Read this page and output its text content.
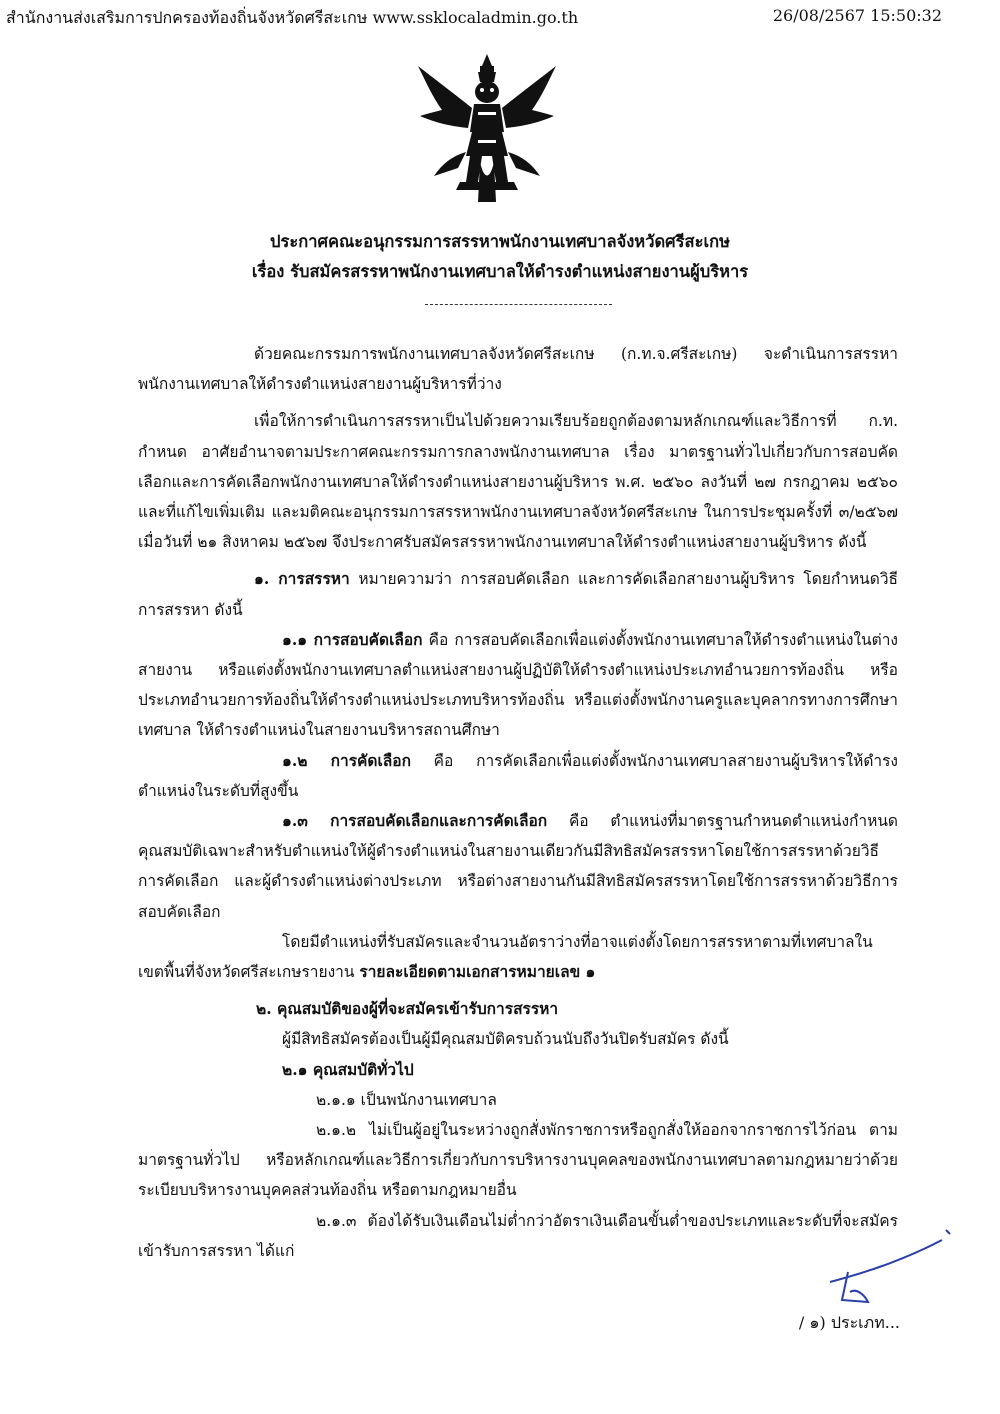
สำนักงานส่งเสริมการปกครองท้องถิ่นจังหวัดศรีสะเกษ www.ssklocaladmin.go.th	26/08/2567 15:50:32
ประกาศคณะอนุกรรมการสรรหาพนักงานเทศบาลจังหวัดศรีสะเกษ
เรื่อง รับสมัครสรรหาพนักงานเทศบาลให้ดำรงตำแหน่งสายงานผู้บริหาร

ด้วยคณะกรรมการพนักงานเทศบาลจังหวัดศรีสะเกษ (ก.ท.จ.ศรีสะเกษ) จะดำเนินการสรรหาพนักงานเทศบาลให้ดำรงตำแหน่งสายงานผู้บริหารที่ว่าง

เพื่อให้การดำเนินการสรรหาเป็นไปด้วยความเรียบร้อยถูกต้องตามหลักเกณฑ์และวิธีการที่ ก.ท. กำหนด อาศัยอำนาจตามประกาศคณะกรรมการกลางพนักงานเทศบาล เรื่อง มาตรฐานทั่วไปเกี่ยวกับการสอบคัดเลือกและการคัดเลือกพนักงานเทศบาลให้ดำรงตำแหน่งสายงานผู้บริหาร พ.ศ. ๒๕๖๐ ลงวันที่ ๒๗ กรกฎาคม ๒๕๖๐ และที่แก้ไขเพิ่มเติม และมติคณะอนุกรรมการสรรหาพนักงานเทศบาลจังหวัดศรีสะเกษ ในการประชุมครั้งที่ ๓/๒๕๖๗ เมื่อวันที่ ๒๑ สิงหาคม ๒๕๖๗ จึงประกาศรับสมัครสรรหาพนักงานเทศบาลให้ดำรงตำแหน่งสายงานผู้บริหาร ดังนี้

๑. การสรรหา หมายความว่า การสอบคัดเลือก และการคัดเลือกสายงานผู้บริหาร โดยกำหนดวิธีการสรรหา ดังนี้

๑.๑ การสอบคัดเลือก คือ การสอบคัดเลือกเพื่อแต่งตั้งพนักงานเทศบาลให้ดำรงตำแหน่งในต่างสายงาน หรือแต่งตั้งพนักงานเทศบาลตำแหน่งสายงานผู้ปฏิบัติให้ดำรงตำแหน่งประเภทอำนวยการท้องถิ่น หรือประเภทอำนวยการท้องถิ่นให้ดำรงตำแหน่งประเภทบริหารท้องถิ่น หรือแต่งตั้งพนักงานครูและบุคลากรทางการศึกษาเทศบาล ให้ดำรงตำแหน่งในสายงานบริหารสถานศึกษา

๑.๒ การคัดเลือก คือ การคัดเลือกเพื่อแต่งตั้งพนักงานเทศบาลสายงานผู้บริหารให้ดำรงตำแหน่งในระดับที่สูงขึ้น

๑.๓ การสอบคัดเลือกและการคัดเลือก คือ ตำแหน่งที่มาตรฐานกำหนดตำแหน่งกำหนดคุณสมบัติเฉพาะสำหรับตำแหน่งให้ผู้ดำรงตำแหน่งในสายงานเดียวกันมีสิทธิสมัครสรรหาโดยใช้การสรรหาด้วยวิธีการคัดเลือก และผู้ดำรงตำแหน่งต่างประเภท หรือต่างสายงานกันมีสิทธิสมัครสรรหาโดยใช้การสรรหาด้วยวิธีการสอบคัดเลือก

โดยมีตำแหน่งที่รับสมัครและจำนวนอัตราว่างที่อาจแต่งตั้งโดยการสรรหาตามที่เทศบาลในเขตพื้นที่จังหวัดศรีสะเกษรายงาน รายละเอียดตามเอกสารหมายเลข ๑

๒. คุณสมบัติของผู้ที่จะสมัครเข้ารับการสรรหา

ผู้มีสิทธิสมัครต้องเป็นผู้มีคุณสมบัติครบถ้วนนับถึงวันปิดรับสมัคร ดังนี้

๒.๑ คุณสมบัติทั่วไป

๒.๑.๑ เป็นพนักงานเทศบาล

๒.๑.๒ ไม่เป็นผู้อยู่ในระหว่างถูกสั่งพักราชการหรือถูกสั่งให้ออกจากราชการไว้ก่อน ตามมาตรฐานทั่วไป หรือหลักเกณฑ์และวิธีการเกี่ยวกับการบริหารงานบุคคลของพนักงานเทศบาลตามกฎหมายว่าด้วยระเบียบบริหารงานบุคคลส่วนท้องถิ่น หรือตามกฎหมายอื่น

๒.๑.๓ ต้องได้รับเงินเดือนไม่ต่ำกว่าอัตราเงินเดือนขั้นต่ำของประเภทและระดับที่จะสมัครเข้ารับการสรรหา ได้แก่

/ ๑) ประเภท...
